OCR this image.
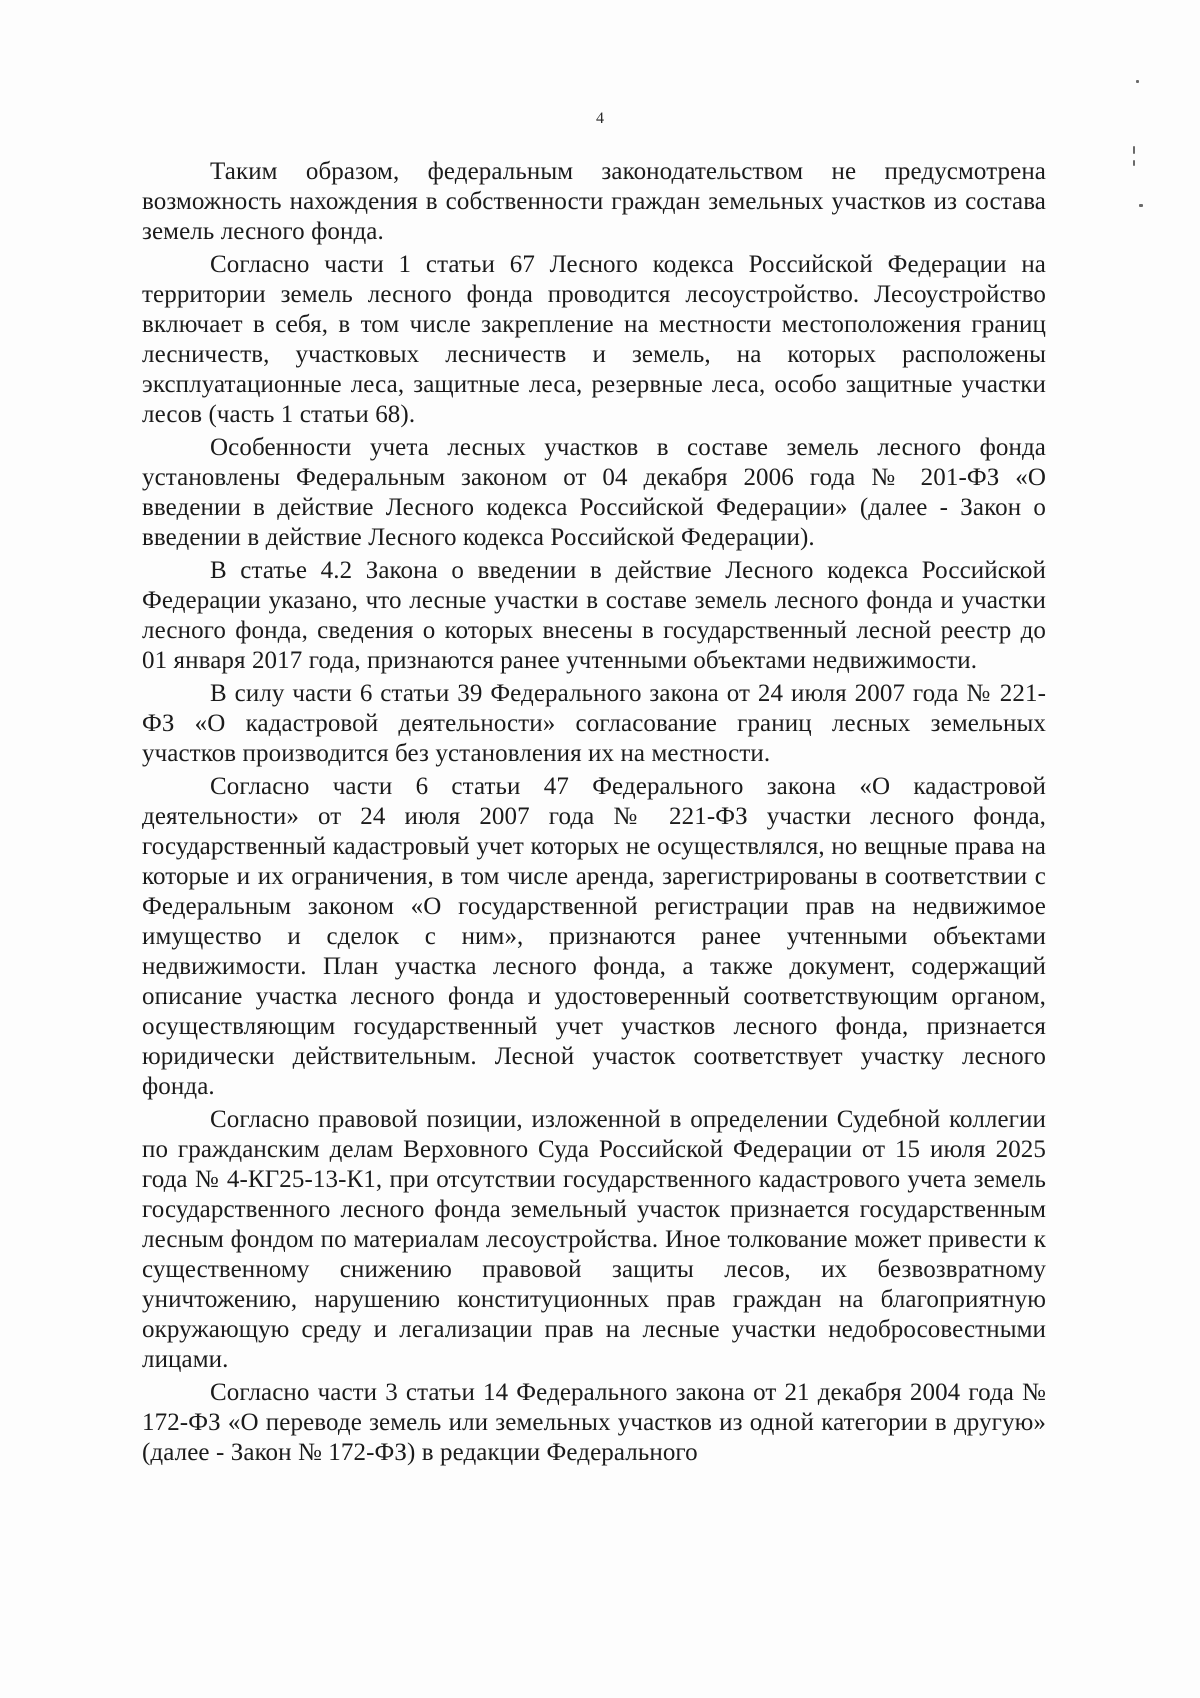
4

Таким образом, федеральным законодательством не предусмотрена возможность нахождения в собственности граждан земельных участков из состава земель лесного фонда.

Согласно части 1 статьи 67 Лесного кодекса Российской Федерации на территории земель лесного фонда проводится лесоустройство. Лесоустройство включает в себя, в том числе закрепление на местности местоположения границ лесничеств, участковых лесничеств и земель, на которых расположены эксплуатационные леса, защитные леса, резервные леса, особо защитные участки лесов (часть 1 статьи 68).

Особенности учета лесных участков в составе земель лесного фонда установлены Федеральным законом от 04 декабря 2006 года № 201-ФЗ «О введении в действие Лесного кодекса Российской Федерации» (далее - Закон о введении в действие Лесного кодекса Российской Федерации).

В статье 4.2 Закона о введении в действие Лесного кодекса Российской Федерации указано, что лесные участки в составе земель лесного фонда и участки лесного фонда, сведения о которых внесены в государственный лесной реестр до 01 января 2017 года, признаются ранее учтенными объектами недвижимости.

В силу части 6 статьи 39 Федерального закона от 24 июля 2007 года № 221-ФЗ «О кадастровой деятельности» согласование границ лесных земельных участков производится без установления их на местности.

Согласно части 6 статьи 47 Федерального закона «О кадастровой деятельности» от 24 июля 2007 года № 221-ФЗ участки лесного фонда, государственный кадастровый учет которых не осуществлялся, но вещные права на которые и их ограничения, в том числе аренда, зарегистрированы в соответствии с Федеральным законом «О государственной регистрации прав на недвижимое имущество и сделок с ним», признаются ранее учтенными объектами недвижимости. План участка лесного фонда, а также документ, содержащий описание участка лесного фонда и удостоверенный соответствующим органом, осуществляющим государственный учет участков лесного фонда, признается юридически действительным. Лесной участок соответствует участку лесного фонда.

Согласно правовой позиции, изложенной в определении Судебной коллегии по гражданским делам Верховного Суда Российской Федерации от 15 июля 2025 года № 4-КГ25-13-К1, при отсутствии государственного кадастрового учета земель государственного лесного фонда земельный участок признается государственным лесным фондом по материалам лесоустройства. Иное толкование может привести к существенному снижению правовой защиты лесов, их безвозвратному уничтожению, нарушению конституционных прав граждан на благоприятную окружающую среду и легализации прав на лесные участки недобросовестными лицами.

Согласно части 3 статьи 14 Федерального закона от 21 декабря 2004 года № 172-ФЗ «О переводе земель или земельных участков из одной категории в другую» (далее - Закон № 172-ФЗ) в редакции Федерального
